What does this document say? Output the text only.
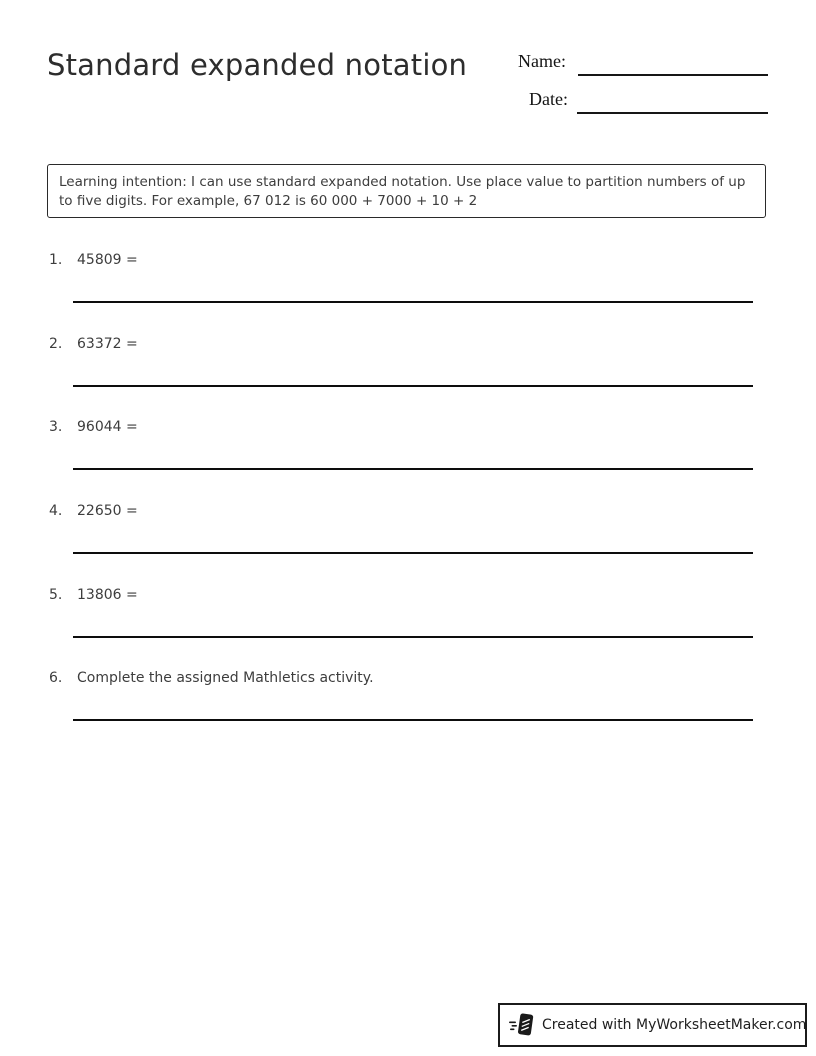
Standard expanded notation	Name:
Date:

Learning intention: I can use standard expanded notation. Use place value to partition numbers of up to five digits. For example, 67 012 is 60 000 + 7000 + 10 + 2

1. 45809 =
2. 63372 =
3. 96044 =
4. 22650 =
5. 13806 =
6. Complete the assigned Mathletics activity.
Created with MyWorksheetMaker.com
